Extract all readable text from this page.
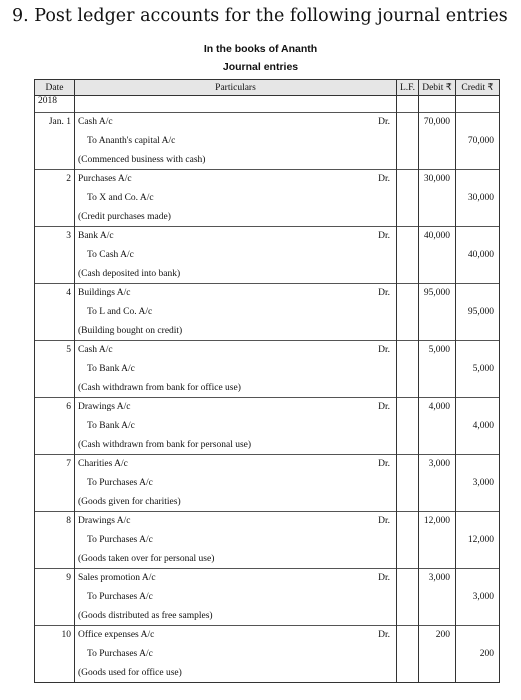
9. Post ledger accounts for the following journal entries
In the books of Ananth
Journal entries
Date	Particulars	L.F.	Debit ₹	Credit ₹
2018				

Jan. 1	Cash A/c Dr.
To Ananth's capital A/c
(Commenced business with cash)		70,000	70,000

2	Purchases A/c Dr.
To X and Co. A/c
(Credit purchases made)		30,000	30,000

3	Bank A/c Dr.
To Cash A/c
(Cash deposited into bank)		40,000	40,000

4	Buildings A/c Dr.
To L and Co. A/c
(Building bought on credit)		95,000	95,000

5	Cash A/c Dr.
To Bank A/c
(Cash withdrawn from bank for office use)		5,000	5,000

6	Drawings A/c Dr.
To Bank A/c
(Cash withdrawn from bank for personal use)		4,000	4,000

7	Charities A/c Dr.
To Purchases A/c
(Goods given for charities)		3,000	3,000

8	Drawings A/c Dr.
To Purchases A/c
(Goods taken over for personal use)		12,000	12,000

9	Sales promotion A/c Dr.
To Purchases A/c
(Goods distributed as free samples)		3,000	3,000

10	Office expenses A/c Dr.
To Purchases A/c
(Goods used for office use)		200	200
